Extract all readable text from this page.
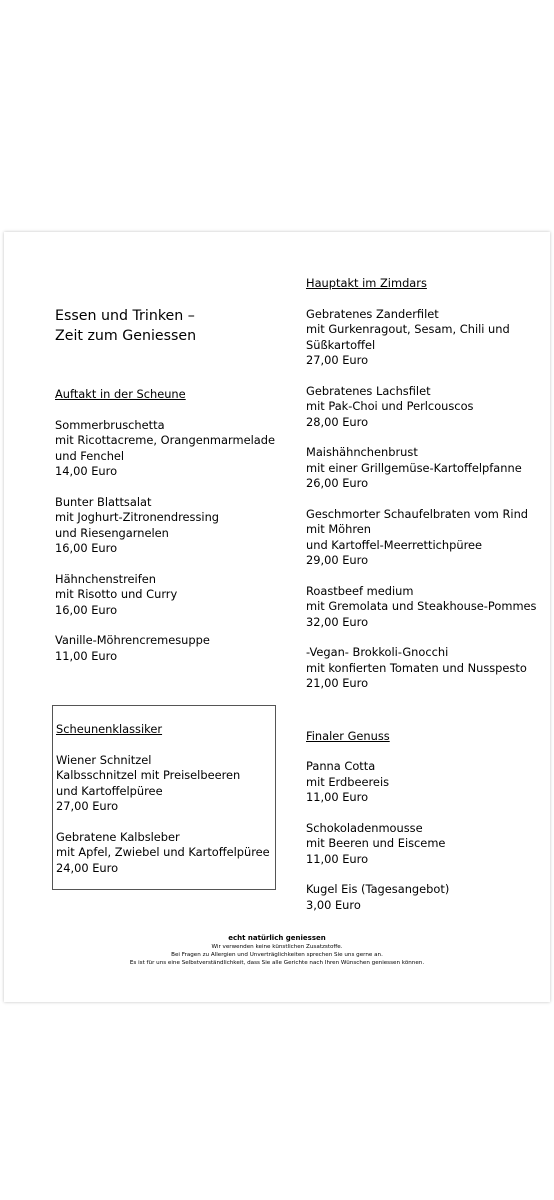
Essen und Trinken –
Zeit zum Geniessen
Auftakt in der Scheune
Sommerbruschetta
mit Ricottacreme, Orangenmarmelade
und Fenchel
14,00 Euro
Bunter Blattsalat
mit Joghurt-Zitronendressing
und Riesengarnelen
16,00 Euro
Hähnchenstreifen
mit Risotto und Curry
16,00 Euro
Vanille-Möhrencremesuppe
11,00 Euro
Scheunenklassiker
Wiener Schnitzel
Kalbsschnitzel mit Preiselbeeren
und Kartoffelpüree
27,00 Euro
Gebratene Kalbsleber
mit Apfel, Zwiebel und Kartoffelpüree
24,00 Euro
Hauptakt im Zimdars
Gebratenes Zanderfilet
mit Gurkenragout, Sesam, Chili und
Süßkartoffel
27,00 Euro
Gebratenes Lachsfilet
mit Pak-Choi und Perlcouscos
28,00 Euro
Maishähnchenbrust
mit einer Grillgemüse-Kartoffelpfanne
26,00 Euro
Geschmorter Schaufelbraten vom Rind
mit Möhren
und Kartoffel-Meerrettichpüree
29,00 Euro
Roastbeef medium
mit Gremolata und Steakhouse-Pommes
32,00 Euro
-Vegan- Brokkoli-Gnocchi
mit konfierten Tomaten und Nusspesto
21,00 Euro
Finaler Genuss
Panna Cotta
mit Erdbeereis
11,00 Euro
Schokoladenmousse
mit Beeren und Eisceme
11,00 Euro
Kugel Eis (Tagesangebot)
3,00 Euro
echt natürlich geniessen
Wir verwenden keine künstlichen Zusatzstoffe.
Bei Fragen zu Allergien und Unverträglichkeiten sprechen Sie uns gerne an.
Es ist für uns eine Selbstverständlichkeit, dass Sie alle Gerichte nach Ihren Wünschen geniessen können.
